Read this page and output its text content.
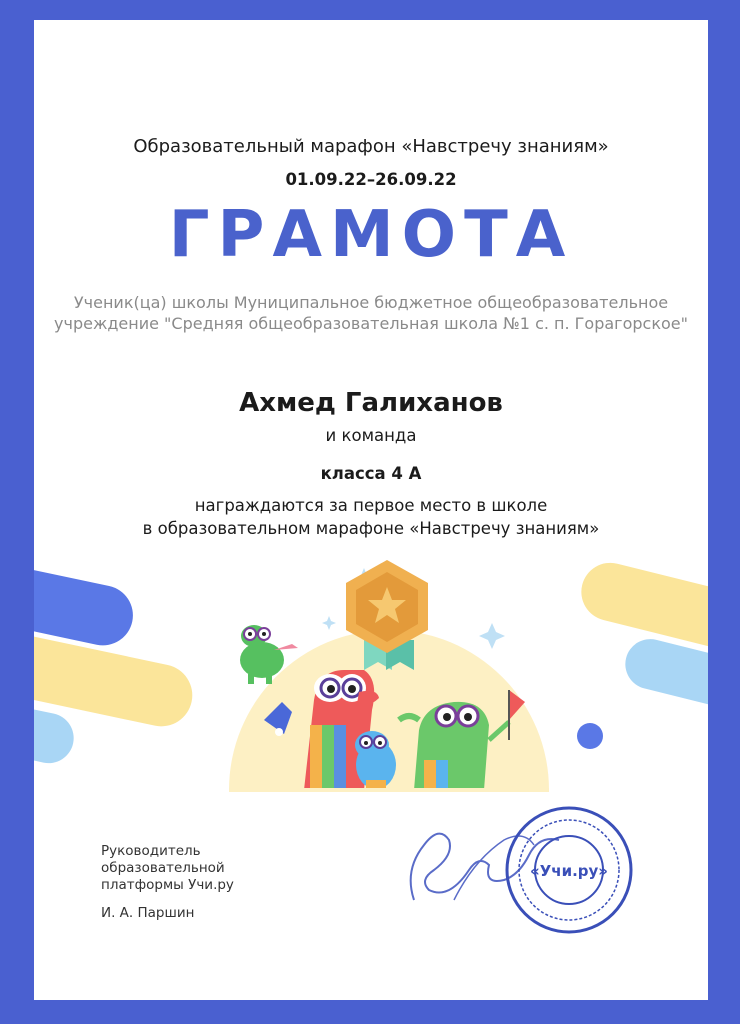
Образовательный марафон «Навстречу знаниям»
01.09.22–26.09.22
ГРАМОТА
Ученик(ца) школы Муниципальное бюджетное общеобразовательное
учреждение "Средняя общеобразовательная школа №1 с. п. Горагорское"
Ахмед Галиханов
и команда
класса 4 А
награждаются за первое место в школе
в образовательном марафоне «Навстречу знаниям»
Руководитель
образовательной
платформы Учи.ру
И. А. Паршин
«Учи.ру»
